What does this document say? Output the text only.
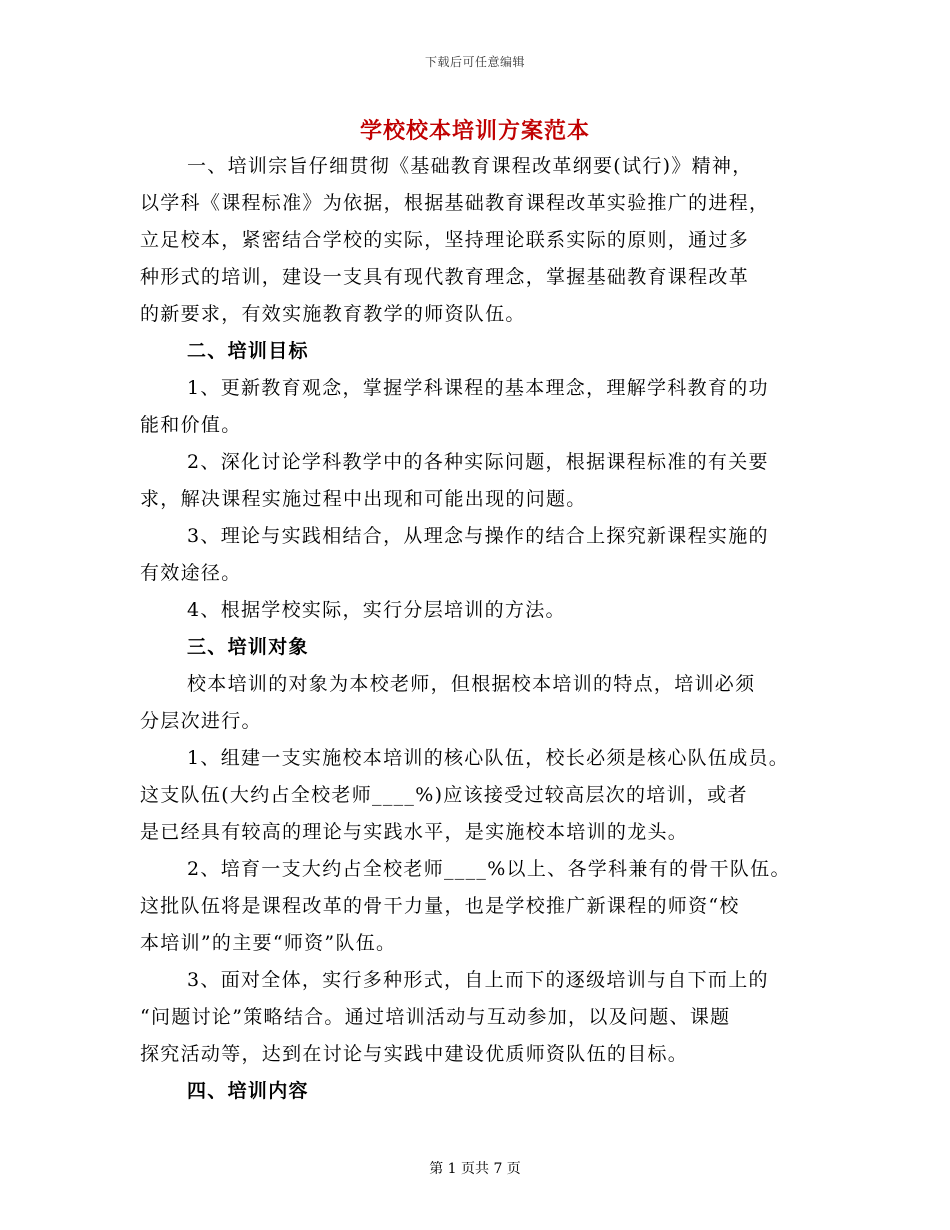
下载后可任意编辑
学校校本培训方案范本
一、培训宗旨仔细贯彻《基础教育课程改革纲要(试行)》精神，
以学科《课程标准》为依据，根据基础教育课程改革实验推广的进程，
立足校本，紧密结合学校的实际，坚持理论联系实际的原则，通过多
种形式的培训，建设一支具有现代教育理念，掌握基础教育课程改革
的新要求，有效实施教育教学的师资队伍。
二、培训目标
1、更新教育观念，掌握学科课程的基本理念，理解学科教育的功
能和价值。
2、深化讨论学科教学中的各种实际问题，根据课程标准的有关要
求，解决课程实施过程中出现和可能出现的问题。
3、理论与实践相结合，从理念与操作的结合上探究新课程实施的
有效途径。
4、根据学校实际，实行分层培训的方法。
三、培训对象
校本培训的对象为本校老师，但根据校本培训的特点，培训必须
分层次进行。
1、组建一支实施校本培训的核心队伍，校长必须是核心队伍成员。
这支队伍(大约占全校老师____%)应该接受过较高层次的培训，或者
是已经具有较高的理论与实践水平，是实施校本培训的龙头。
2、培育一支大约占全校老师____%以上、各学科兼有的骨干队伍。
这批队伍将是课程改革的骨干力量，也是学校推广新课程的师资“校
本培训”的主要“师资”队伍。
3、面对全体，实行多种形式，自上而下的逐级培训与自下而上的
“问题讨论”策略结合。通过培训活动与互动参加，以及问题、课题
探究活动等，达到在讨论与实践中建设优质师资队伍的目标。
四、培训内容
第 1 页共 7 页
